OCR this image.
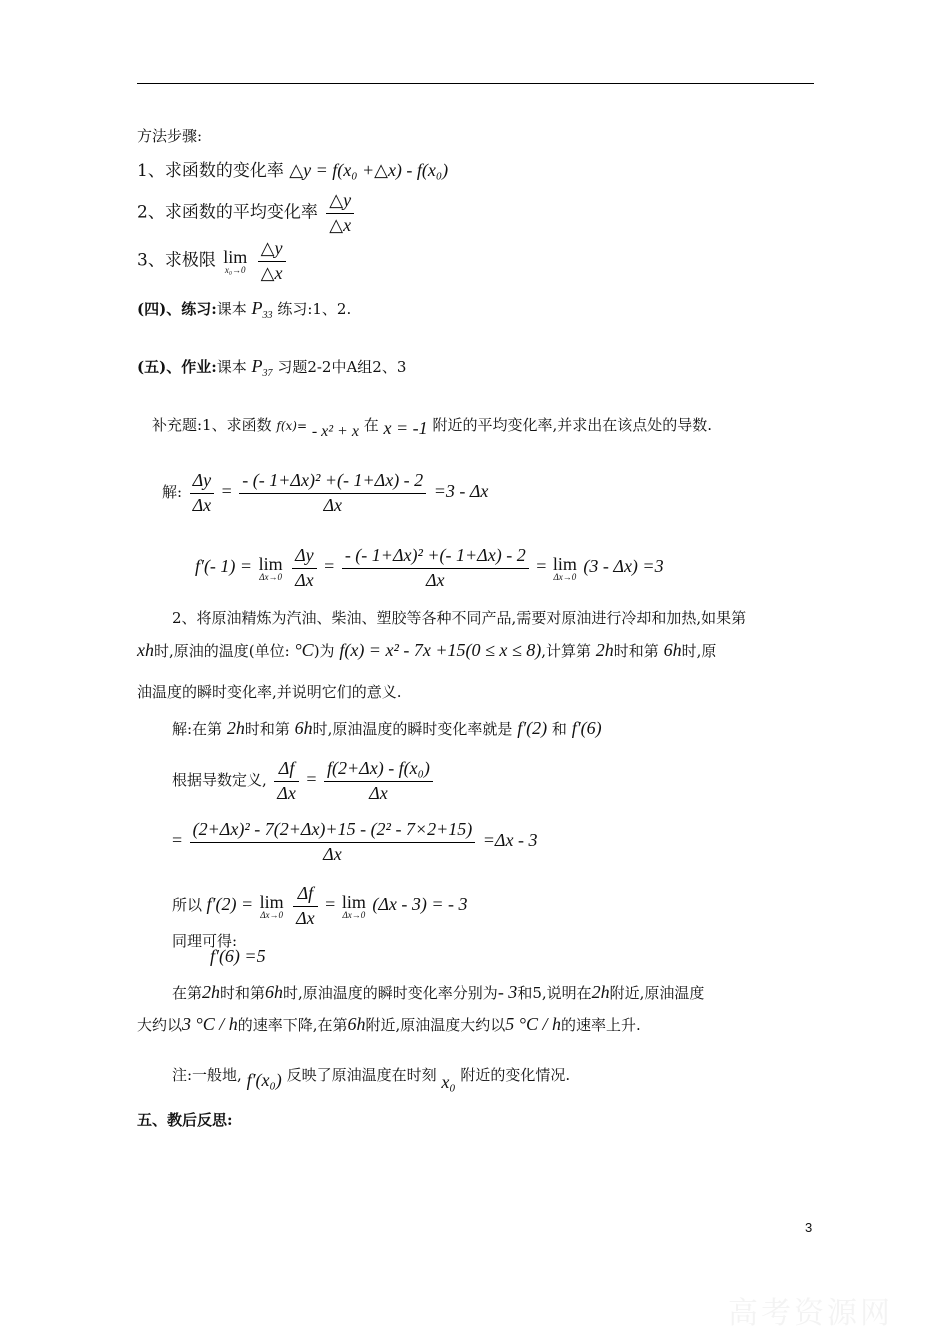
方法步骤:
1、求函数的变化率 △y = f(x₀ +△x) - f(x₀)
2、求函数的平均变化率 $\frac{\triangle y}{\triangle x}$
3、求极限 lim
x₀→0
$\frac{\triangle y}{\triangle x}$
(四)、练习:课本 $P_{33}$ 练习:1、2.
(五)、作业:课本 $P_{37}$ 习题2-2中A组2、3
补充题:1、求函数 f(x)= - x² + x 在 x = -1 附近的平均变化率,并求出在该点处的导数.
解: $\frac{\Delta y}{\Delta x} = \frac{\text{- (- 1+Δx)² +(- 1+Δx) - 2}}{\Delta x} =3 - \Delta x$
f′(- 1) = lim
Δx→0
$\frac{\Delta y}{\Delta x} = \frac{\text{- (- 1+Δx)² +(- 1+Δx) - 2}}{\Delta x} = \lim$
Δx→0
(3 - Δx) =3
2、将原油精炼为汽油、柴油、塑胶等各种不同产品,需要对原油进行冷却和加热,如果第
xh时,原油的温度(单位: °C)为 f(x) = x² - 7x +15(0 ≤ x ≤ 8),计算第 2h时和第 6h时,原
油温度的瞬时变化率,并说明它们的意义.
解:在第 2h时和第 6h时,原油温度的瞬时变化率就是 f′(2) 和 f′(6)
根据导数定义, $\frac{\Delta f}{\Delta x} = \frac{\text{f(2+Δx) - f(x₀)}}{\Delta x}$
= $\frac{\text{(2+Δx)² - 7(2+Δx)+15 - (2² - 7×2+15)}}{\Delta x} =\Delta x - 3$
所以 f′(2) = lim
Δx→0
$\frac{\Delta f}{\Delta x} = \lim$
Δx→0
(Δx - 3) = - 3
同理可得:
f′(6) =5
在第2h时和第6h时,原油温度的瞬时变化率分别为- 3和5,说明在2h附近,原油温度
大约以3 °C / h的速率下降,在第6h附近,原油温度大约以5 °C / h的速率上升.
注:一般地, f′(x₀) 反映了原油温度在时刻 x₀ 附近的变化情况.
五、教后反思:
3
高考资源网
